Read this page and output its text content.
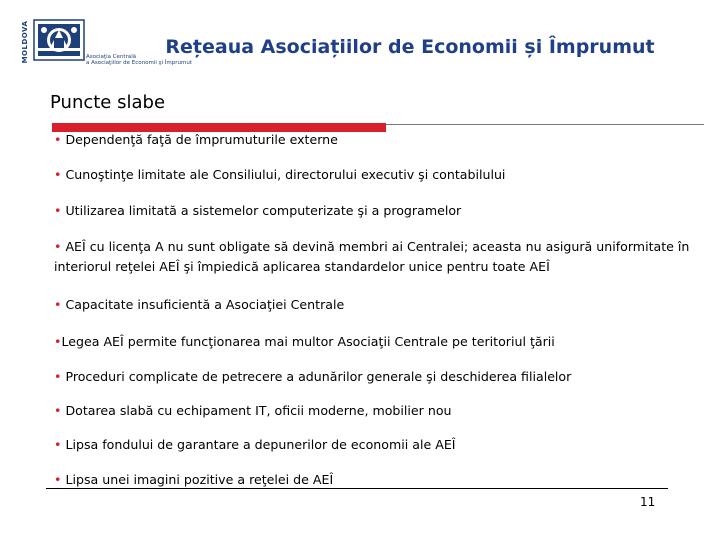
MOLDOVA	Asociaţia Centrală
a Asociaţiilor de Economii şi Împrumut
Rețeaua Asociațiilor de Economii și Împrumut
Puncte slabe
• Dependenţă faţă de împrumuturile externe
• Cunoştinţe limitate ale Consiliului, directorului executiv şi contabilului
• Utilizarea limitată a sistemelor computerizate şi a programelor
• AEÎ cu licenţa A nu sunt obligate să devină membri ai Centralei; aceasta nu asigură uniformitate în interiorul reţelei AEÎ şi împiedică aplicarea standardelor unice pentru toate AEÎ
• Capacitate insuficientă a Asociaţiei Centrale
•Legea AEÎ permite funcţionarea mai multor Asociaţii Centrale pe teritoriul ţării
• Proceduri complicate de petrecere a adunărilor generale şi deschiderea filialelor
• Dotarea slabă cu echipament IT, oficii moderne, mobilier nou
• Lipsa fondului de garantare a depunerilor de economii ale AEÎ
• Lipsa unei imagini pozitive a reţelei de AEÎ
11
